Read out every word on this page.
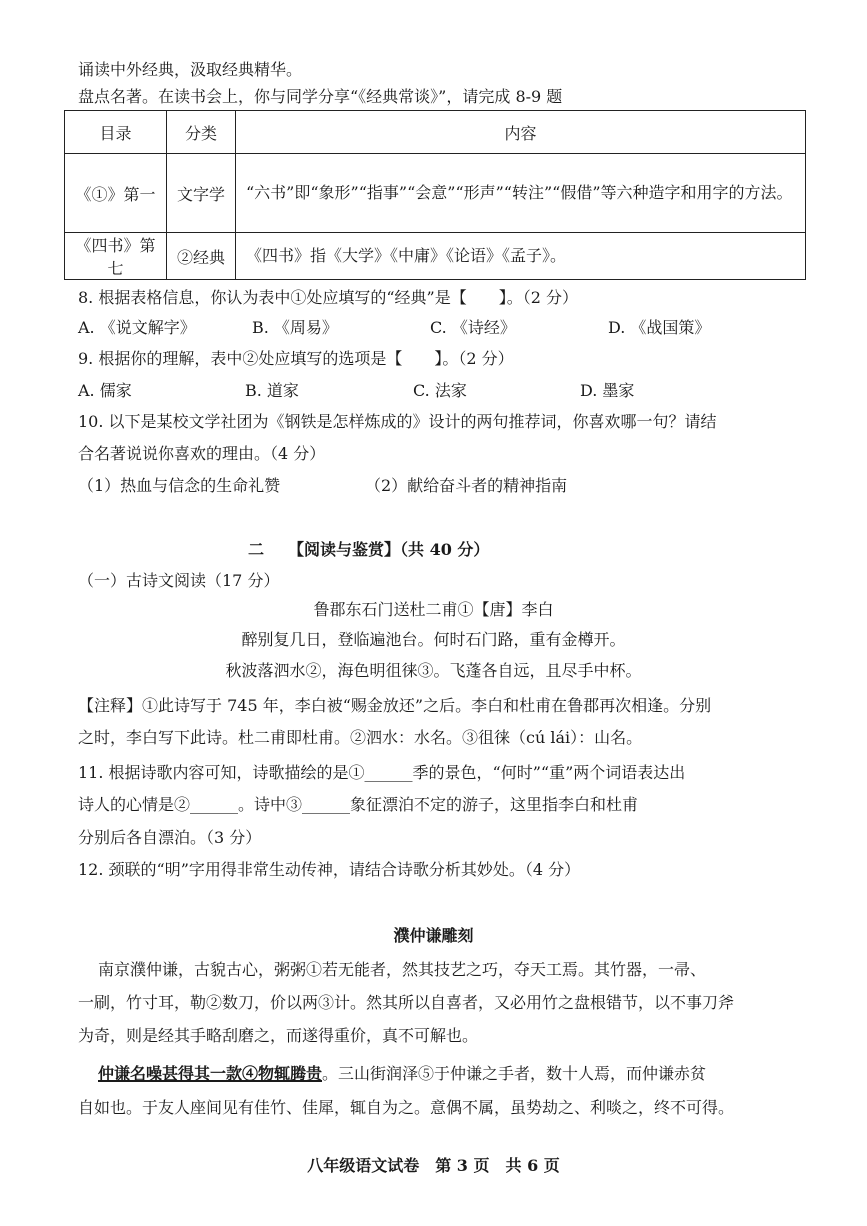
诵读中外经典，汲取经典精华。
盘点名著。在读书会上，你与同学分享“《经典常谈》”，请完成 8-9 题
目录	分类	内容
《①》第一	文字学	“六书”即“象形”“指事”“会意”“形声”“转注”“假借”等六种造字和用字的方法。
《四书》第七	②经典	《四书》指《大学》《中庸》《论语》《孟子》。
8. 根据表格信息，你认为表中①处应填写的“经典”是【　　】。（2 分）
A. 《说文解字》	B. 《周易》	C. 《诗经》	D. 《战国策》
9. 根据你的理解，表中②处应填写的选项是【　　】。（2 分）
A. 儒家	B. 道家	C. 法家	D. 墨家
10. 以下是某校文学社团为《钢铁是怎样炼成的》设计的两句推荐词，你喜欢哪一句？请结
合名著说说你喜欢的理由。（4 分）
（1）热血与信念的生命礼赞	（2）献给奋斗者的精神指南
二　　【阅读与鉴赏】（共 40 分）
（一）古诗文阅读（17 分）
鲁郡东石门送杜二甫①【唐】李白
醉别复几日，登临遍池台。何时石门路，重有金樽开。
秋波落泗水②，海色明徂徕③。飞蓬各自远，且尽手中杯。
【注释】①此诗写于 745 年，李白被“赐金放还”之后。李白和杜甫在鲁郡再次相逢。分别
之时，李白写下此诗。杜二甫即杜甫。②泗水：水名。③徂徕（cú lái）：山名。
11. 根据诗歌内容可知，诗歌描绘的是①______季的景色，“何时”“重”两个词语表达出
诗人的心情是②______。诗中③______象征漂泊不定的游子，这里指李白和杜甫
分别后各自漂泊。（3 分）
12. 颈联的“明”字用得非常生动传神，请结合诗歌分析其妙处。（4 分）
濮仲谦雕刻
南京濮仲谦，古貌古心，粥粥①若无能者，然其技艺之巧，夺天工焉。其竹器，一帚、
一刷，竹寸耳，勒②数刀，价以两③计。然其所以自喜者，又必用竹之盘根错节，以不事刀斧
为奇，则是经其手略刮磨之，而遂得重价，真不可解也。
仲谦名噪甚得其一款④物辄腾贵。三山街润泽⑤于仲谦之手者，数十人焉，而仲谦赤贫
自如也。于友人座间见有佳竹、佳犀，辄自为之。意偶不属，虽势劫之、利啖之，终不可得。
八年级语文试卷　第 3 页　共 6 页
